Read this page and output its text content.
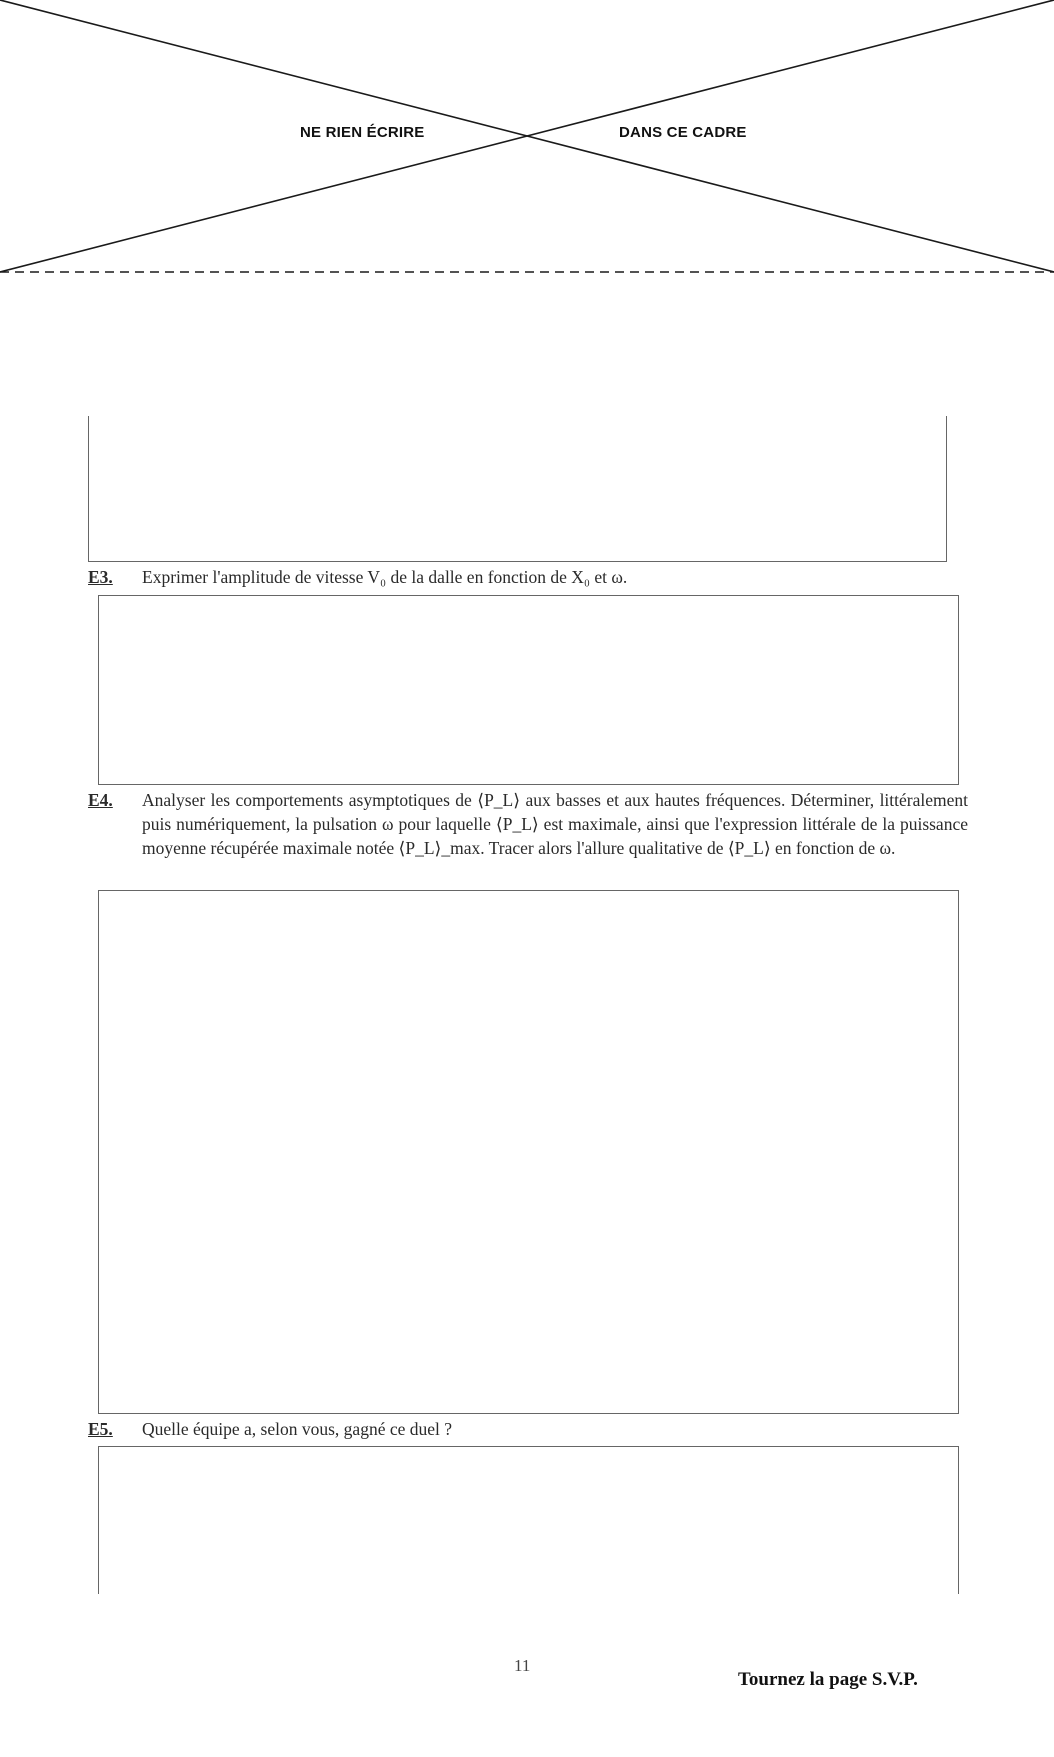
NE RIEN ÉCRIRE	DANS CE CADRE
E3. Exprimer l'amplitude de vitesse V₀ de la dalle en fonction de X₀ et ω.
E4. Analyser les comportements asymptotiques de ⟨P_L⟩ aux basses et aux hautes fréquences. Déterminer, littéralement puis numériquement, la pulsation ω pour laquelle ⟨P_L⟩ est maximale, ainsi que l'expression littérale de la puissance moyenne récupérée maximale notée ⟨P_L⟩_max. Tracer alors l'allure qualitative de ⟨P_L⟩ en fonction de ω.
E5. Quelle équipe a, selon vous, gagné ce duel ?
11
Tournez la page S.V.P.
